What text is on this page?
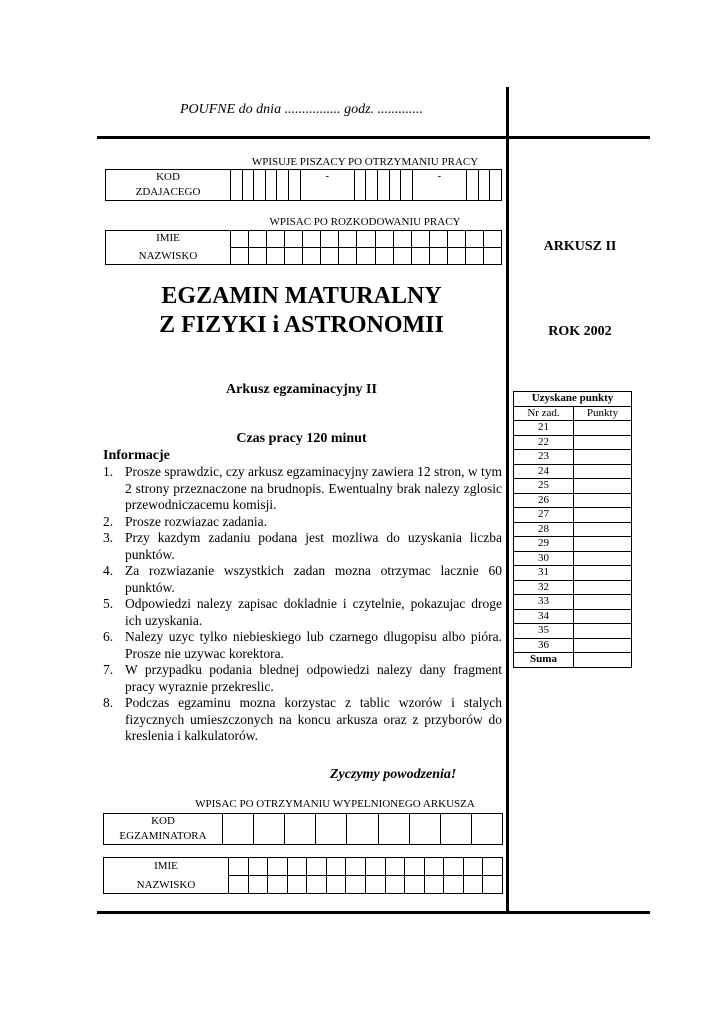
POUFNE do dnia ................ godz. .............
WPISUJE PISZACY PO OTRZYMANIU PRACY
KOD
ZDAJACEGO
							-						-			
WPISAC PO ROZKODOWANIU PRACY
IMIE
NAZWISKO															

ARKUSZ II
ROK 2002
EGZAMIN MATURALNY
Z FIZYKI i ASTRONOMII
Arkusz egzaminacyjny II
Czas pracy 120 minut
Informacje
1. Prosze sprawdzic, czy arkusz egzaminacyjny zawiera 12 stron, w tym 2 strony przeznaczone na brudnopis. Ewentualny brak nalezy zglosic przewodniczacemu komisji.
2. Prosze rozwiazac zadania.
3. Przy kazdym zadaniu podana jest mozliwa do uzyskania liczba punktów.
4. Za rozwiazanie wszystkich zadan mozna otrzymac lacznie 60 punktów.
5. Odpowiedzi nalezy zapisac dokladnie i czytelnie, pokazujac droge ich uzyskania.
6. Nalezy uzyc tylko niebieskiego lub czarnego dlugopisu albo pióra. Prosze nie uzywac korektora.
7. W przypadku podania blednej odpowiedzi nalezy dany fragment pracy wyraznie przekreslic.
8. Podczas egzaminu mozna korzystac z tablic wzorów i stalych fizycznych umieszczonych na koncu arkusza oraz z przyborów do kreslenia i kalkulatorów.
Zyczymy powodzenia!
WPISAC PO OTRZYMANIU WYPELNIONEGO ARKUSZA
KOD
EGZAMINATORA

IMIE
NAZWISKO														

Uzyskane punkty	
Nr zad.	Punkty
21	
22	
23	
24	
25	
26	
27	
28	
29	
30	
31	
32	
33	
34	
35	
36	
Suma	
